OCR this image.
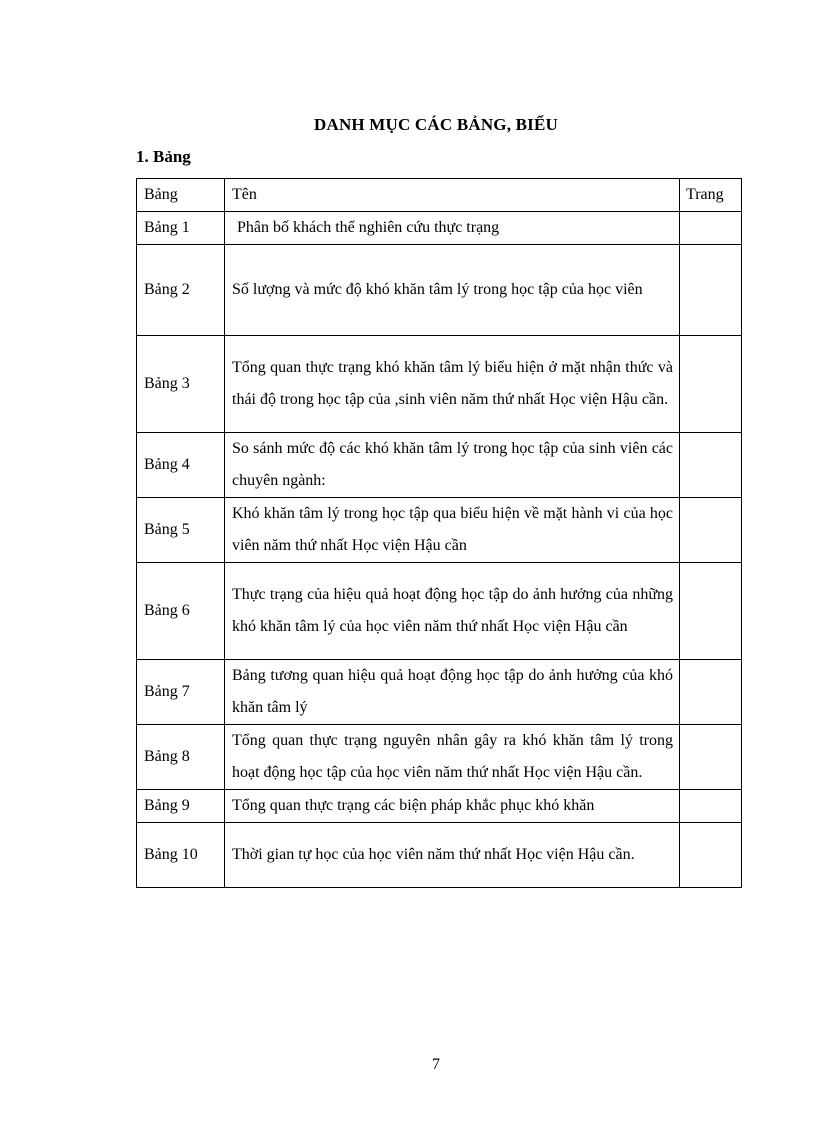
DANH MỤC CÁC BẢNG, BIỂU
1. Bảng
Bảng	Tên	Trang
Bảng 1	Phân bố khách thể nghiên cứu thực trạng	
Bảng 2	Số lượng và mức độ khó khăn tâm lý trong học tập của học viên	
Bảng 3	Tổng quan thực trạng khó khăn tâm lý biểu hiện ở mặt nhận thức và thái độ trong học tập của ,sinh viên năm thứ nhất Học viện Hậu cần.	
Bảng 4	So sánh mức độ các khó khăn tâm lý trong học tập của sinh viên các chuyên ngành:	
Bảng 5	Khó khăn tâm lý trong học tập qua biểu hiện về mặt hành vi của học viên năm thứ nhất Học viện Hậu cần	
Bảng 6	Thực trạng của hiệu quả hoạt động học tập do ảnh hưởng của những khó khăn tâm lý của học viên năm thứ nhất Học viện Hậu cần	
Bảng 7	Bảng tương quan hiệu quả hoạt động học tập do ảnh hưởng của khó khăn tâm lý	
Bảng 8	Tổng quan thực trạng nguyên nhân gây ra khó khăn tâm lý trong hoạt động học tập của học viên năm thứ nhất Học viện Hậu cần.	
Bảng 9	Tổng quan thực trạng các biện pháp khắc phục khó khăn	
Bảng 10	Thời gian tự học của học viên năm thứ nhất Học viện Hậu cần.	
7
